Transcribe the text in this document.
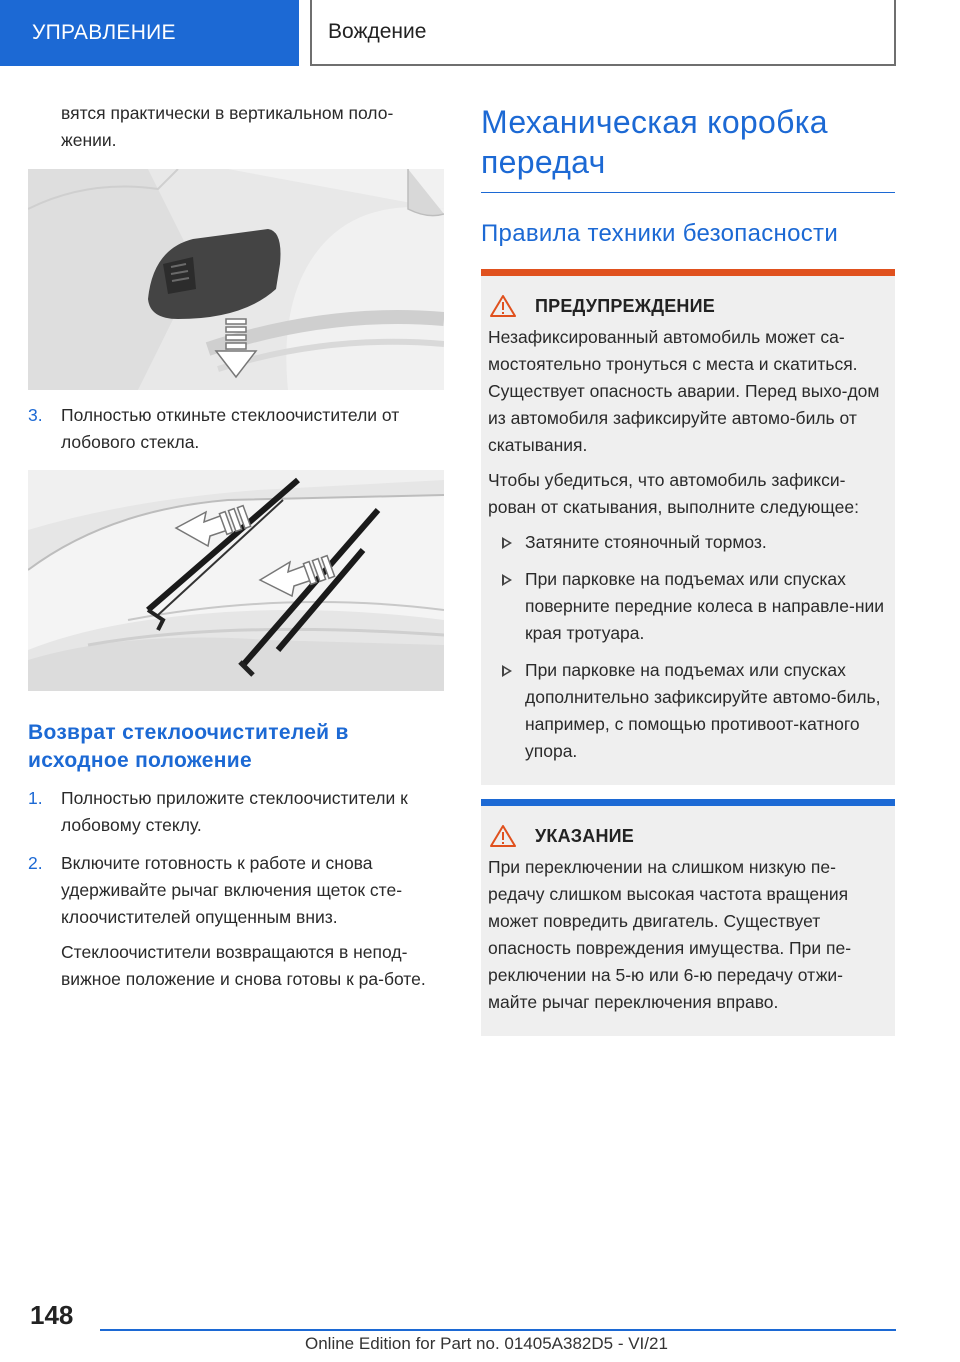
УПРАВЛЕНИЕ	Вождение

вятся практически в вертикальном поло-
жении.

3. Полностью откиньте стеклоочистители от лобового стекла.
Возврат стеклоочистителей в исходное положение
1. Полностью приложите стеклоочистители к лобовому стеклу.
2. Включите готовность к работе и снова удерживайте рычаг включения щеток сте-клоочистителей опущенным вниз.

Стеклоочистители возвращаются в непод-вижное положение и снова готовы к ра-боте.

Механическая коробка передач
Правила техники безопасности
ПРЕДУПРЕЖДЕНИЕ

Незафиксированный автомобиль может са-мостоятельно тронуться с места и скатиться. Существует опасность аварии. Перед выхо-дом из автомобиля зафиксируйте автомо-биль от скатывания.

Чтобы убедиться, что автомобиль зафикси-рован от скатывания, выполните следующее:

Затяните стояночный тормоз.
При парковке на подъемах или спусках поверните передние колеса в направле-нии края тротуара.
При парковке на подъемах или спусках дополнительно зафиксируйте автомо-биль, например, с помощью противоот-катного упора.
УКАЗАНИЕ

При переключении на слишком низкую пе-редачу слишком высокая частота вращения может повредить двигатель. Существует опасность повреждения имущества. При пе-реключении на 5-ю или 6-ю передачу отжи-майте рычаг переключения вправо.

148
Online Edition for Part no. 01405A382D5 - VI/21
